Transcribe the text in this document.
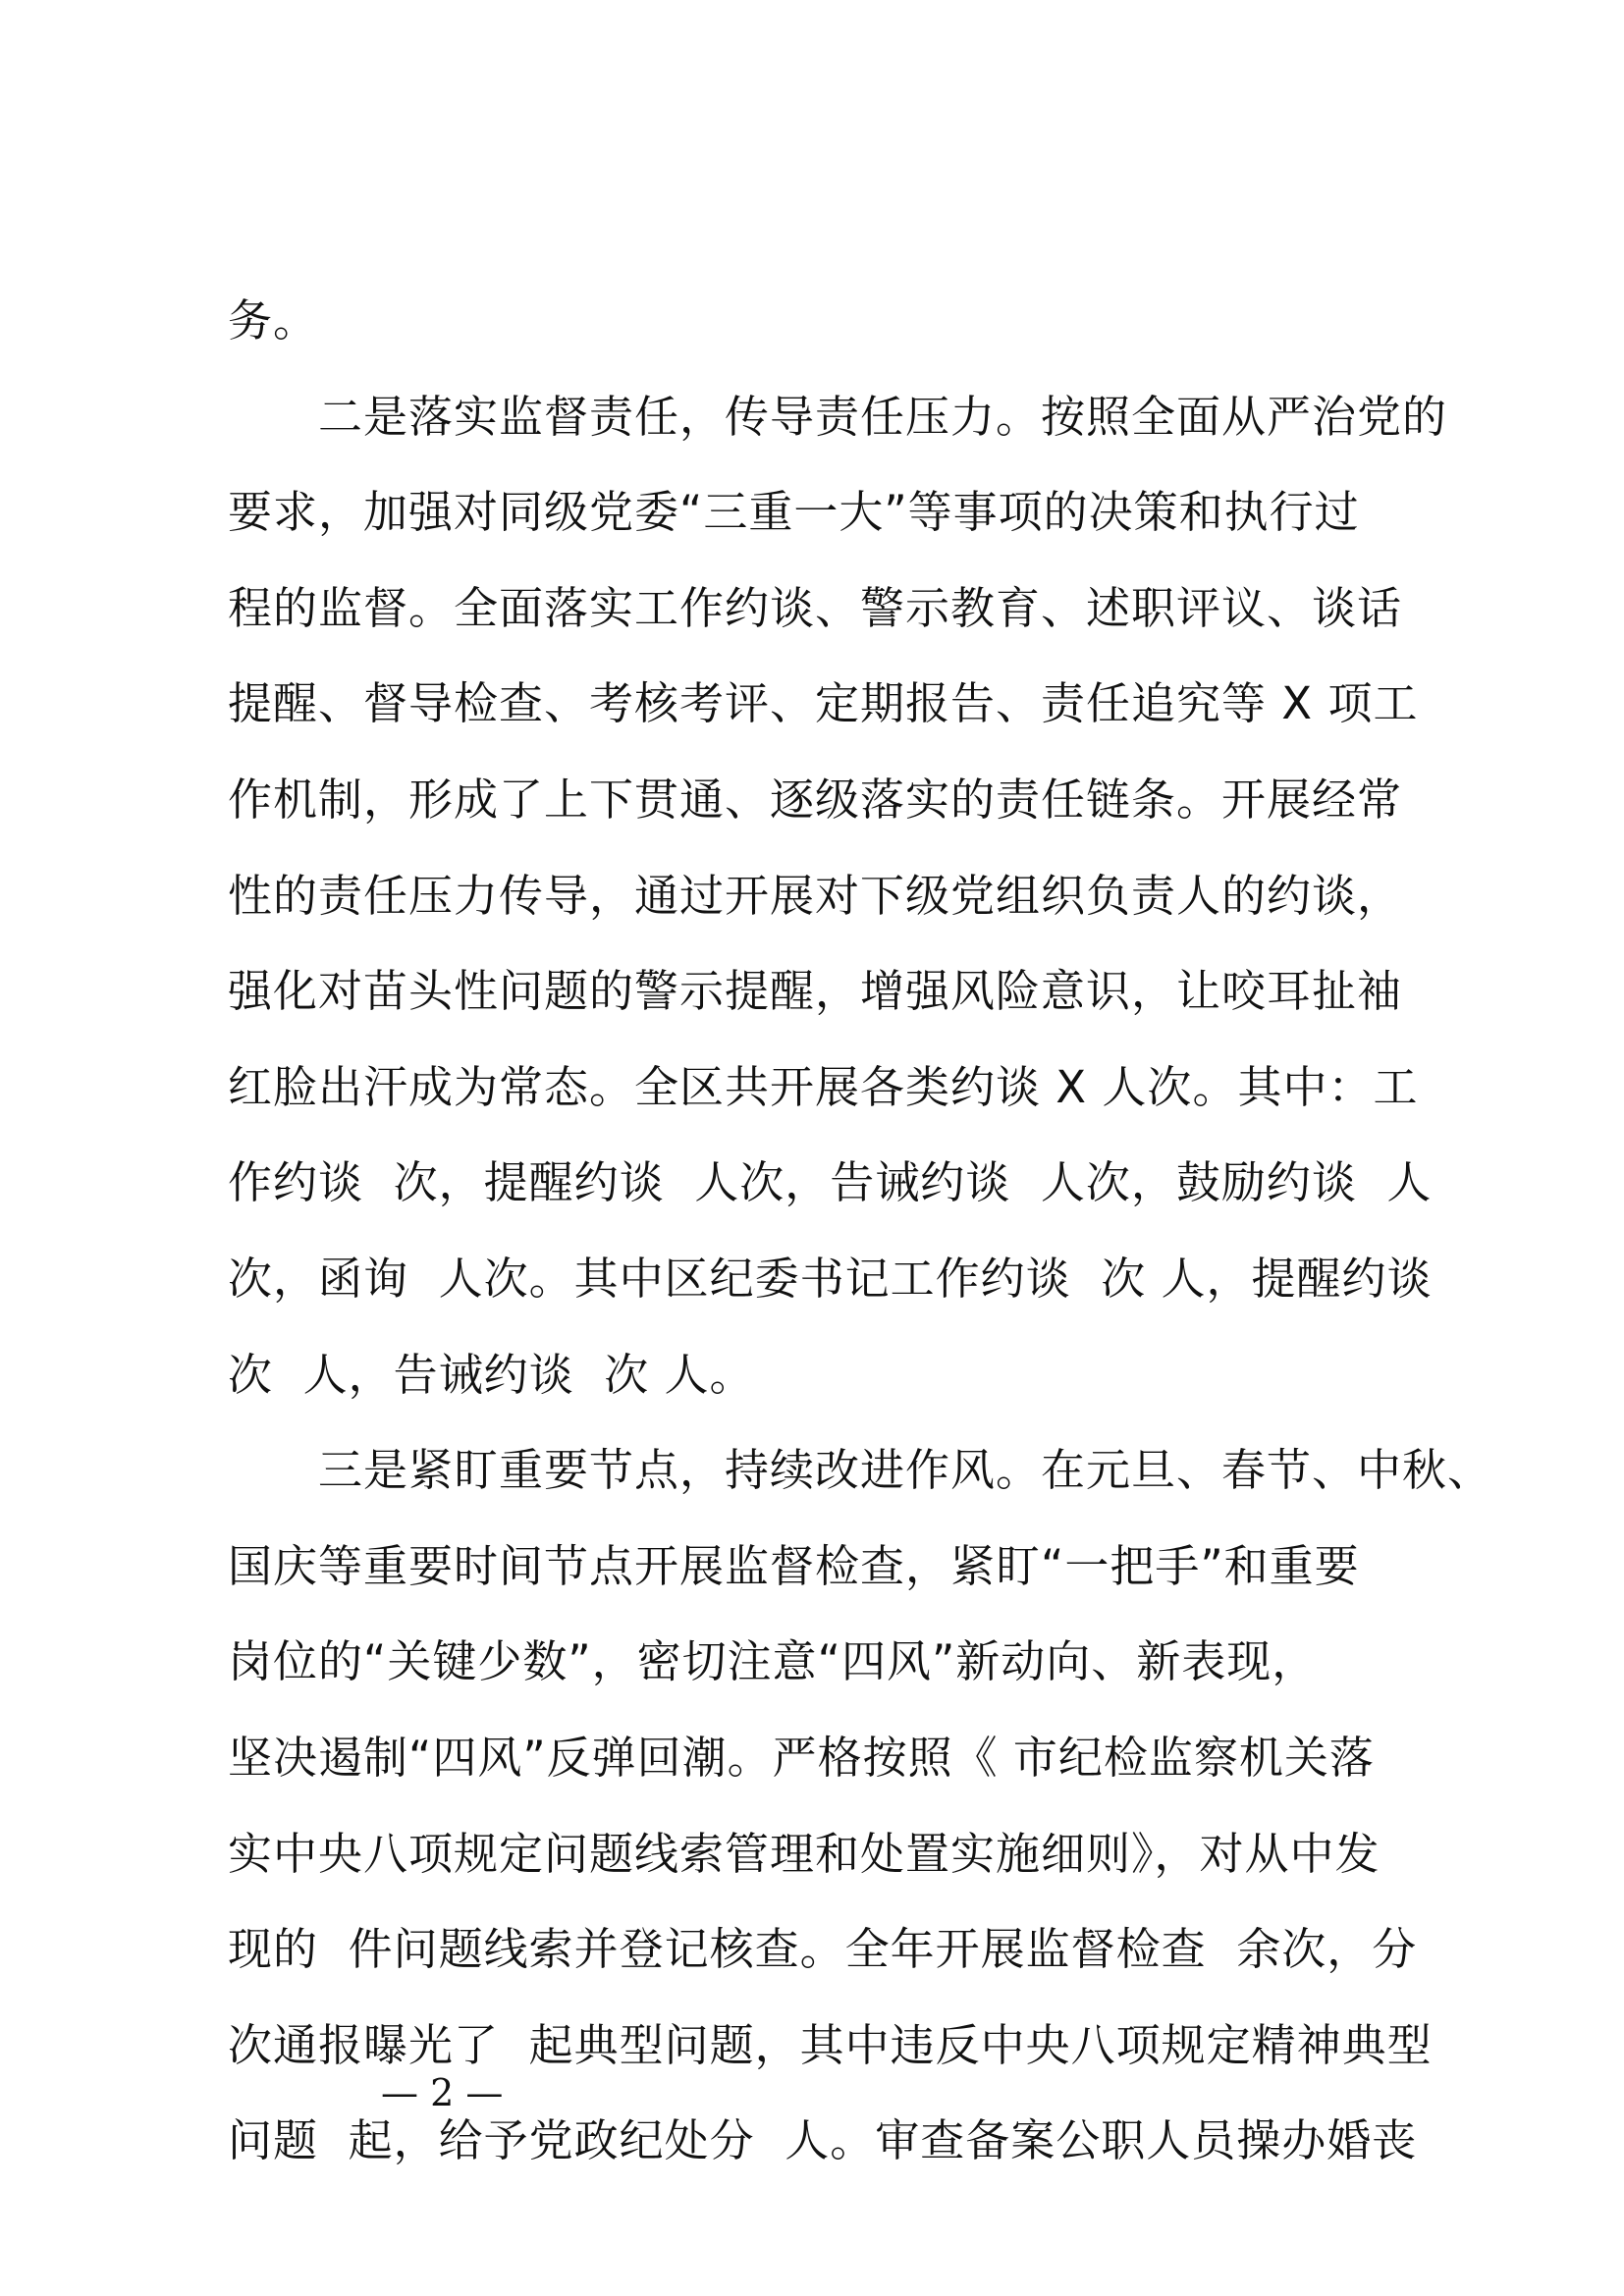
务。
　　二是落实监督责任，传导责任压力。按照全面从严治党的
要求，加强对同级党委“三重一大”等事项的决策和执行过
程的监督。全面落实工作约谈、警示教育、述职评议、谈话
提醒、督导检查、考核考评、定期报告、责任追究等 X 项工
作机制，形成了上下贯通、逐级落实的责任链条。开展经常
性的责任压力传导，通过开展对下级党组织负责人的约谈，
强化对苗头性问题的警示提醒，增强风险意识，让咬耳扯袖
红脸出汗成为常态。全区共开展各类约谈 X 人次。其中：工
作约谈  次，提醒约谈  人次，告诫约谈  人次，鼓励约谈  人
次，函询  人次。其中区纪委书记工作约谈  次 人，提醒约谈
次  人，告诫约谈  次 人。
　　三是紧盯重要节点，持续改进作风。在元旦、春节、中秋、
国庆等重要时间节点开展监督检查，紧盯“一把手”和重要
岗位的“关键少数”，密切注意“四风”新动向、新表现，
坚决遏制“四风”反弹回潮。严格按照《 市纪检监察机关落
实中央八项规定问题线索管理和处置实施细则》，对从中发
现的  件问题线索并登记核查。全年开展监督检查  余次，分
次通报曝光了  起典型问题，其中违反中央八项规定精神典型
问题  起，给予党政纪处分  人。审查备案公职人员操办婚丧
— 2 —
